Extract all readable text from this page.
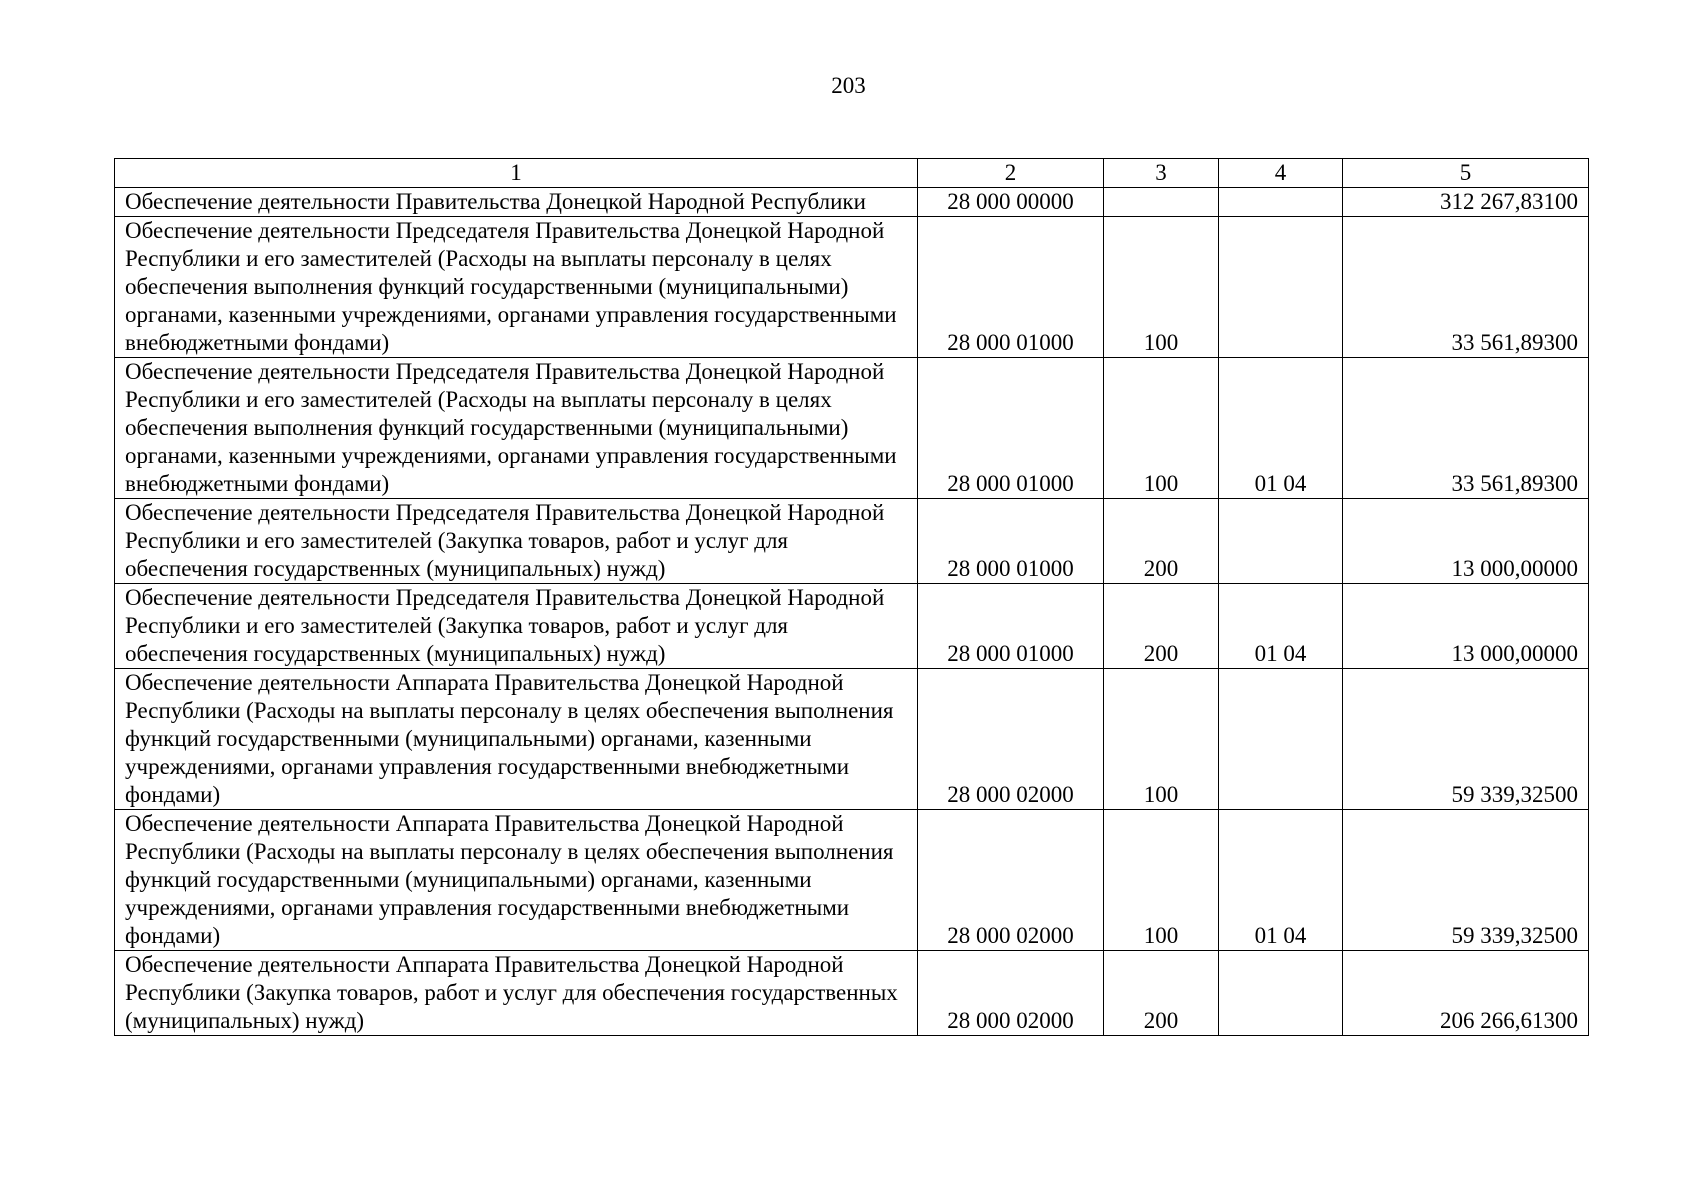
203
1	2	3	4	5
Обеспечение деятельности Правительства Донецкой Народной Республики	28 000 00000			312 267,83100
Обеспечение деятельности Председателя Правительства Донецкой Народной Республики и его заместителей (Расходы на выплаты персоналу в целях обеспечения выполнения функций государственными (муниципальными) органами, казенными учреждениями, органами управления государственными внебюджетными фондами)	28 000 01000	100		33 561,89300
Обеспечение деятельности Председателя Правительства Донецкой Народной Республики и его заместителей (Расходы на выплаты персоналу в целях обеспечения выполнения функций государственными (муниципальными) органами, казенными учреждениями, органами управления государственными внебюджетными фондами)	28 000 01000	100	01 04	33 561,89300
Обеспечение деятельности Председателя Правительства Донецкой Народной Республики и его заместителей (Закупка товаров, работ и услуг для обеспечения государственных (муниципальных) нужд)	28 000 01000	200		13 000,00000
Обеспечение деятельности Председателя Правительства Донецкой Народной Республики и его заместителей (Закупка товаров, работ и услуг для обеспечения государственных (муниципальных) нужд)	28 000 01000	200	01 04	13 000,00000
Обеспечение деятельности Аппарата Правительства Донецкой Народной Республики (Расходы на выплаты персоналу в целях обеспечения выполнения функций государственными (муниципальными) органами, казенными учреждениями, органами управления государственными внебюджетными фондами)	28 000 02000	100		59 339,32500
Обеспечение деятельности Аппарата Правительства Донецкой Народной Республики (Расходы на выплаты персоналу в целях обеспечения выполнения функций государственными (муниципальными) органами, казенными учреждениями, органами управления государственными внебюджетными фондами)	28 000 02000	100	01 04	59 339,32500
Обеспечение деятельности Аппарата Правительства Донецкой Народной Республики (Закупка товаров, работ и услуг для обеспечения государственных (муниципальных) нужд)	28 000 02000	200		206 266,61300
